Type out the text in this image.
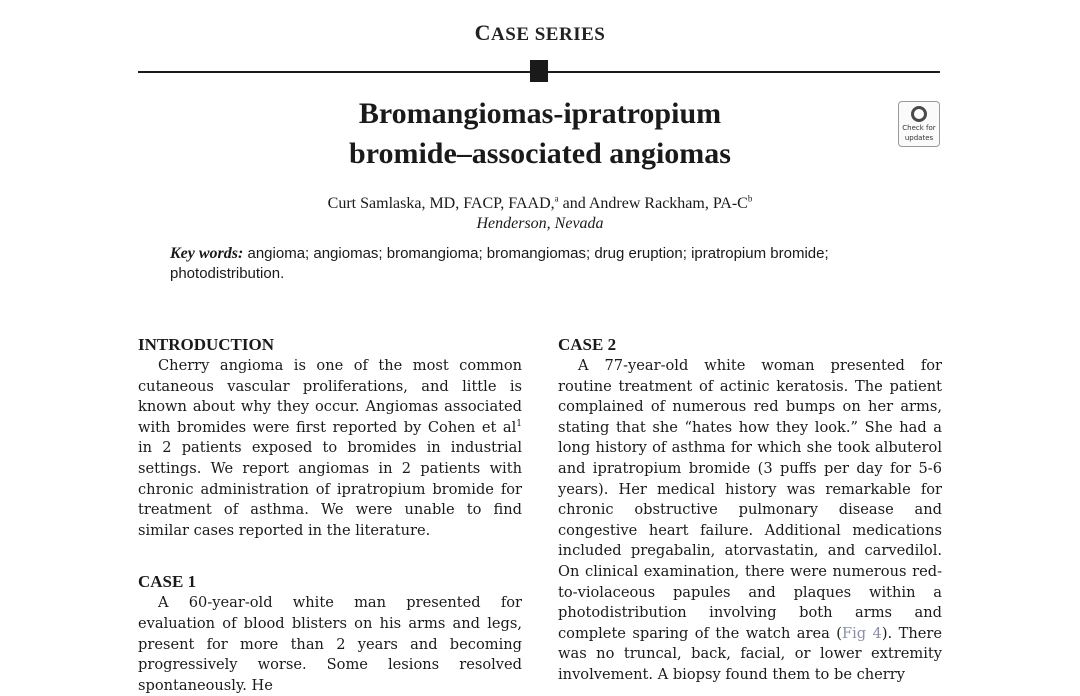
CASE SERIES
Bromangiomas-ipratropium
bromide–associated angiomas
Check for
updates
Curt Samlaska, MD, FACP, FAAD,$^a$ and Andrew Rackham, $PA-C^b$
Henderson, Nevada
Key words: angioma; angiomas; bromangioma; bromangiomas; drug eruption; ipratropium bromide; photodistribution.
INTRODUCTION

Cherry angioma is one of the most common cutaneous vascular proliferations, and little is known about why they occur. Angiomas associated with bromides were first reported by Cohen et al$^1$ in 2 patients exposed to bromides in industrial settings. We report angiomas in 2 patients with chronic administration of ipratropium bromide for treatment of asthma. We were unable to find similar cases reported in the literature.

CASE 1

A 60-year-old white man presented for evaluation of blood blisters on his arms and legs, present for more than 2 years and becoming progressively worse. Some lesions resolved spontaneously. He

CASE 2

A 77-year-old white woman presented for routine treatment of actinic keratosis. The patient complained of numerous red bumps on her arms, stating that she “hates how they look.” She had a long history of asthma for which she took albuterol and ipratropium bromide (3 puffs per day for 5-6 years). Her medical history was remarkable for chronic obstructive pulmonary disease and congestive heart failure. Additional medications included pregabalin, atorvastatin, and carvedilol. On clinical examination, there were numerous red-to-violaceous papules and plaques within a photodistribution involving both arms and complete sparing of the watch area (Fig 4). There was no truncal, back, facial, or lower extremity involvement. A biopsy found them to be cherry
